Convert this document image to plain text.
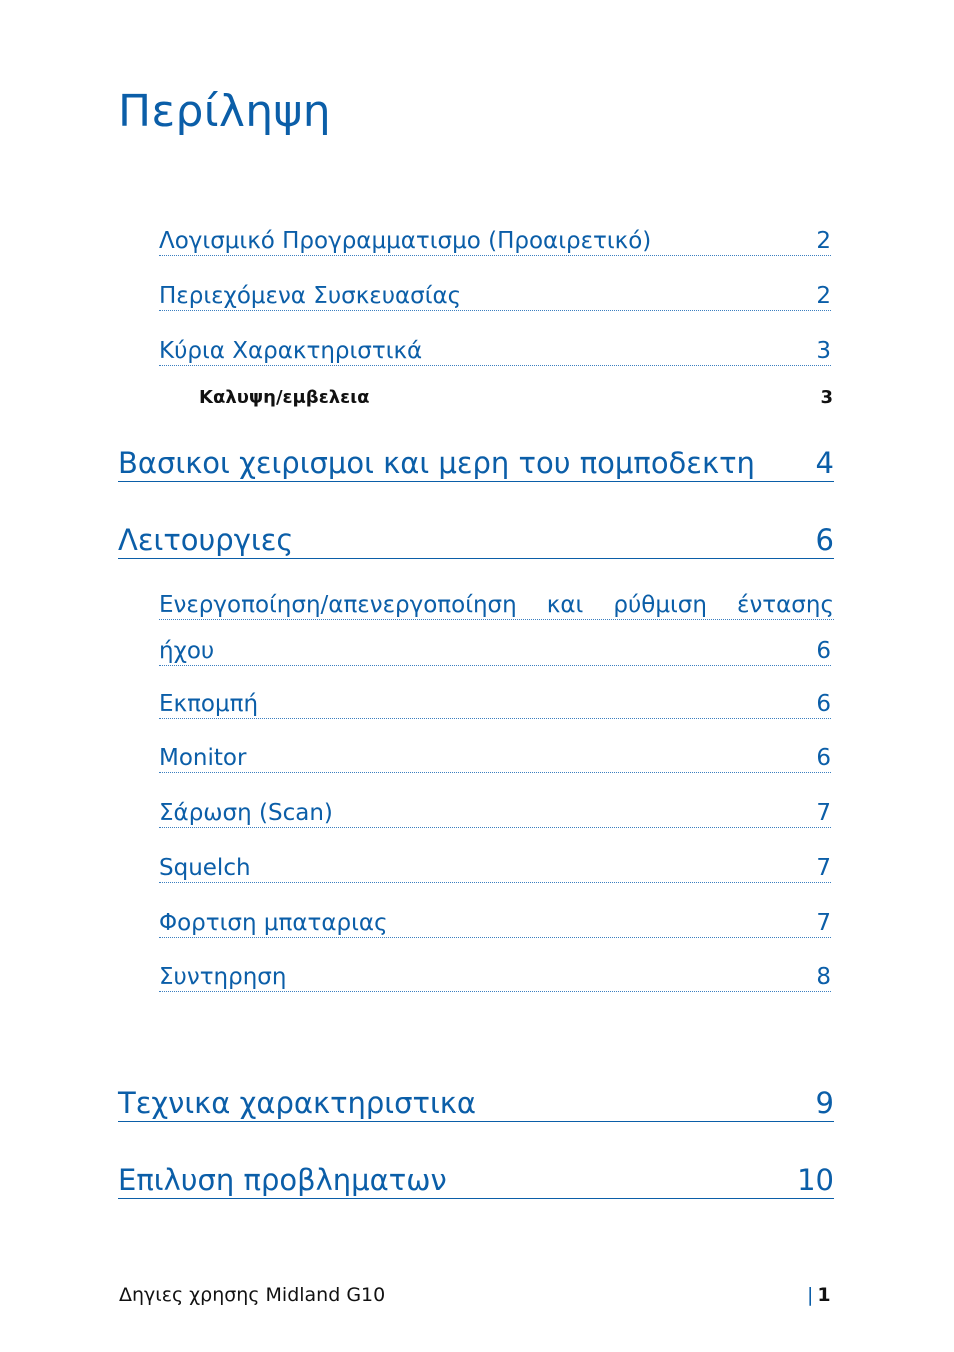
Περίληψη
Λογισμικό Προγραμματισμο (Προαιρετικό)	2
Περιεχόμενα Συσκευασίας	2
Κύρια Χαρακτηριστικά	3
Καλυψη/εμβελεια	3
Βασικοι χειρισμοι και μερη του πομποδεκτη 4
Λειτουργιες	6
Ενεργοποίηση/απενεργοποίηση και ρύθμιση έντασης
ήχου	6
Εκπομπή	6
Monitor	6
Σάρωση (Scan)	7
Squelch	7
Φορτιση μπαταριας	7
Συντηρηση	8
Τεχνικα χαρακτηριστικα	9
Επιλυση προβληματων	10
Δηγιες χρησης Midland G10	| 1
